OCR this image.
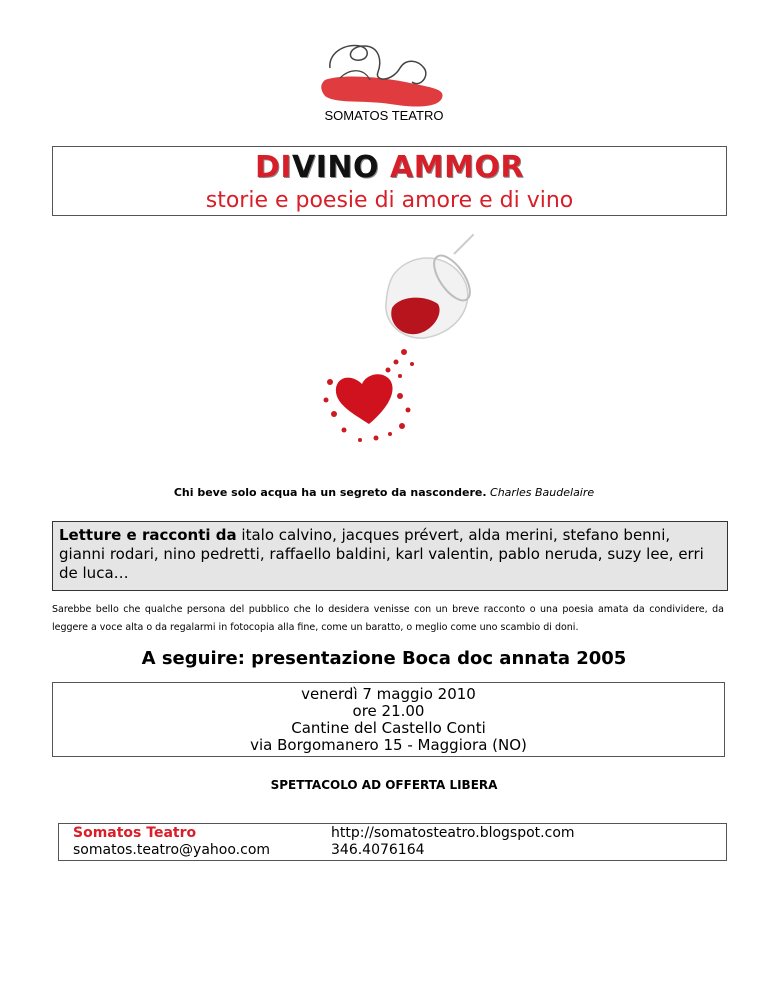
SOMATOS TEATRO
DIVINO AMMOR
storie e poesie di amore e di vino
Chi beve solo acqua ha un segreto da nascondere. Charles Baudelaire
Letture e racconti da italo calvino, jacques prévert, alda merini, stefano benni, gianni rodari, nino pedretti, raffaello baldini, karl valentin, pablo neruda, suzy lee, erri de luca…
Sarebbe bello che qualche persona del pubblico che lo desidera venisse con un breve racconto o una poesia amata da condividere, da leggere a voce alta o da regalarmi in fotocopia alla fine, come un baratto, o meglio come uno scambio di doni.
A seguire: presentazione Boca doc annata 2005
venerdì 7 maggio 2010
ore 21.00
Cantine del Castello Conti
via Borgomanero 15 - Maggiora (NO)
SPETTACOLO AD OFFERTA LIBERA
Somatos Teatro
somatos.teatro@yahoo.com
http://somatosteatro.blogspot.com
346.4076164
